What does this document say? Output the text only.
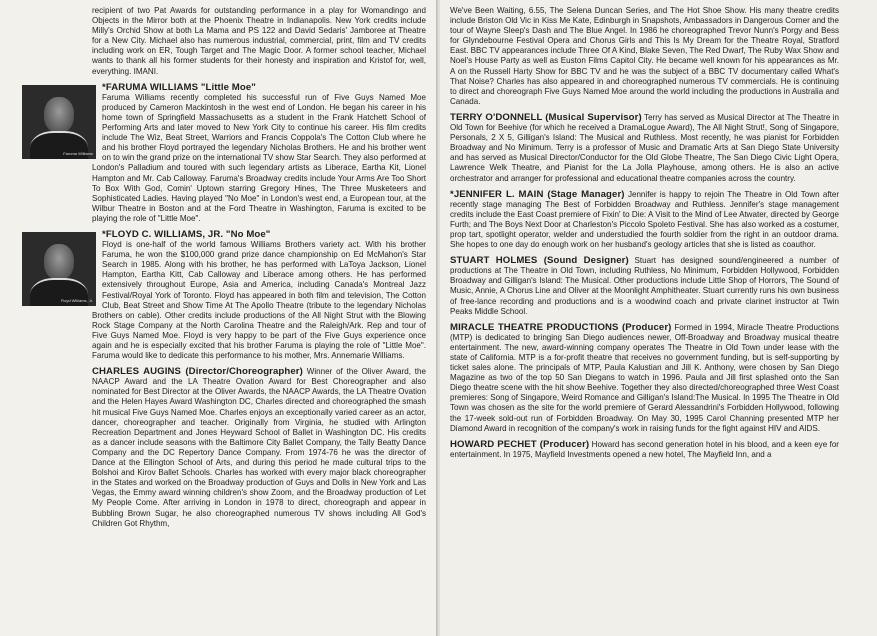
recipient of two Pat Awards for outstanding performance in a play for Womandingo and Objects in the Mirror both at the Phoenix Theatre in Indianapolis. New York credits include Milly's Orchid Show at both La Mama and PS 122 and David Sedaris' Jamboree at Theatre for a New City. Michael also has numerous industrial, commercial, print, film and TV credits including work on ER, Tough Target and The Magic Door. A former school teacher, Michael wants to thank all his former students for their honesty and inspiration and Kristof for, well, everything. IMANI.

Faruma Williams

*FARUMA WILLIAMS "Little Moe"
Faruma Williams recently completed his successful run of Five Guys Named Moe produced by Cameron Mackintosh in the west end of London. He began his career in his home town of Springfield Massachusetts as a student in the Frank Hatchett School of Performing Arts and later moved to New York City to continue his career. His film credits include The Wiz, Beat Street, Warriors and Francis Coppola's The Cotton Club where he and his brother Floyd portrayed the legendary Nicholas Brothers. He and his brother went on to win the grand prize on the international TV show Star Search. They also performed at London's Palladium and toured with such legendary artists as Liberace, Eartha Kit, Lionel Hampton and Mr. Cab Calloway. Faruma's Broadway credits include Your Arms Are Too Short To Box With God, Comin' Uptown starring Gregory Hines, The Three Musketeers and Sophisticated Ladies. Having played "No Moe" in London's west end, a European tour, at the Wilbur Theatre in Boston and at the Ford Theatre in Washington, Faruma is excited to be playing the role of "Little Moe".

Floyd Williams, Jr.

*FLOYD C. WILLIAMS, JR. "No Moe"
Floyd is one-half of the world famous Williams Brothers variety act. With his brother Faruma, he won the $100,000 grand prize dance championship on Ed McMahon's Star Search in 1985. Along with his brother, he has performed with LaToya Jackson, Lionel Hampton, Eartha Kitt, Cab Calloway and Liberace among others. He has performed extensively throughout Europe, Asia and America, including Canada's Montreal Jazz Festival/Royal York of Toronto. Floyd has appeared in both film and television, The Cotton Club, Beat Street and Show Time At The Apollo Theatre (tribute to the legendary Nicholas Brothers on cable). Other credits include productions of the All Night Strut with the Blowing Rock Stage Company at the North Carolina Theatre and the Raleigh/Ark. Rep and tour of Five Guys Named Moe. Floyd is very happy to be part of the Five Guys experience once again and he is especially excited that his brother Faruma is playing the role of "Little Moe". Faruma would like to dedicate this performance to his mother, Mrs. Annemarie Williams.

CHARLES AUGINS (Director/Choreographer) Winner of the Oliver Award, the NAACP Award and the LA Theatre Ovation Award for Best Choreographer and also nominated for Best Director at the Oliver Awards, the NAACP Awards, the LA Theatre Ovation and the Helen Hayes Award Washington DC, Charles directed and choreographed the smash hit musical Five Guys Named Moe. Charles enjoys an exceptionally varied career as an actor, dancer, choreographer and teacher. Originally from Virginia, he studied with Arlington Recreation Department and Jones Heyward School of Ballet in Washington DC. His credits as a dancer include seasons with the Baltimore City Ballet Company, the Tally Beatty Dance Company and the DC Repertory Dance Company. From 1974-76 he was the director of Dance at the Ellington School of Arts, and during this period he made cultural trips to the Bolshoi and Kirov Ballet Schools. Charles has worked with every major black choreographer in the States and worked on the Broadway production of Guys and Dolls in New York and Las Vegas, the Emmy award winning children's show Zoom, and the Broadway production of Let My People Come. After arriving in London in 1978 to direct, choreograph and appear in Bubbling Brown Sugar, he also choreographed numerous TV shows including All God's Children Got Rhythm,

We've Been Waiting, 6.55, The Selena Duncan Series, and The Hot Shoe Show. His many theatre credits include Briston Old Vic in Kiss Me Kate, Edinburgh in Snapshots, Ambassadors in Dangerous Corner and the tour of Wayne Sleep's Dash and The Blue Angel. In 1986 he choreographed Trevor Nunn's Porgy and Bess for Glyndebourne Festival Opera and Chorus Girls and This Is My Dream for the Theatre Royal, Stratford East. BBC TV appearances include Three Of A Kind, Blake Seven, The Red Dwarf, The Ruby Wax Show and Noel's House Party as well as Euston Films Capitol City. He became well known for his appearances as Mr. A on the Russell Harty Show for BBC TV and he was the subject of a BBC TV documentary called What's That Noise? Charles has also appeared in and choreographed numerous TV commercials. He is continuing to direct and choreograph Five Guys Named Moe around the world including the productions in Australia and Canada.

TERRY O'DONNELL (Musical Supervisor) Terry has served as Musical Director at The Theatre in Old Town for Beehive (for which he received a DramaLogue Award), The All Night Strut!, Song of Singapore, Personals, 2 X 5, Gilligan's Island: The Musical and Ruthless. Most recently, he was pianist for Forbidden Broadway and No Minimum. Terry is a professor of Music and Dramatic Arts at San Diego State University and has served as Musical Director/Conductor for the Old Globe Theatre, The San Diego Civic Light Opera, Lawrence Welk Theatre, and Pianist for the La Jolla Playhouse, among others. He is also an active orchestrator and arranger for professional and educational theatre companies across the country.

*JENNIFER L. MAIN (Stage Manager) Jennifer is happy to rejoin The Theatre in Old Town after recently stage managing The Best of Forbidden Broadway and Ruthless. Jennifer's stage management credits include the East Coast premiere of Fixin' to Die: A Visit to the Mind of Lee Atwater, directed by George Furth; and The Boys Next Door at Charleston's Piccolo Spoleto Festival. She has also worked as a costumer, prop tart, spotlight operator, welder and understudied the fourth soldier from the right in an outdoor drama. She hopes to one day do enough work on her husband's geology articles that she is listed as coauthor.

STUART HOLMES (Sound Designer) Stuart has designed sound/engineered a number of productions at The Theatre in Old Town, including Ruthless, No Minimum, Forbidden Hollywood, Forbidden Broadway and Gilligan's Island: The Musical. Other productions include Little Shop of Horrors, The Sound of Music, Annie, A Chorus Line and Oliver at the Moonlight Amphitheater. Stuart currently runs his own business of free-lance recording and productions and is a woodwind coach and private clarinet instructor at Twin Peaks Middle School.

MIRACLE THEATRE PRODUCTIONS (Producer) Formed in 1994, Miracle Theatre Productions (MTP) is dedicated to bringing San Diego audiences newer, Off-Broadway and Broadway musical theatre entertainment. The new, award-winning company operates The Theatre in Old Town under lease with the state of California. MTP is a for-profit theatre that receives no government funding, but is self-supporting by ticket sales alone. The principals of MTP, Paula Kalustian and Jill K. Anthony, were chosen by San Diego Magazine as two of the top 50 San Diegans to watch in 1996. Paula and Jill first splashed onto the San Diego theatre scene with the hit show Beehive. Together they also directed/choreographed three West Coast premieres: Song of Singapore, Weird Romance and Gilligan's Island:The Musical. In 1995 The Theatre in Old Town was chosen as the site for the world premiere of Gerard Alessandrini's Forbidden Hollywood, following the 17-week sold-out run of Forbidden Broadway. On May 30, 1995 Carol Channing presented MTP her Diamond Award in recognition of the company's work in raising funds for the fight against HIV and AIDS.

HOWARD PECHET (Producer) Howard has second generation hotel in his blood, and a keen eye for entertainment. In 1975, Mayfield Investments opened a new hotel, The Mayfield Inn, and a
